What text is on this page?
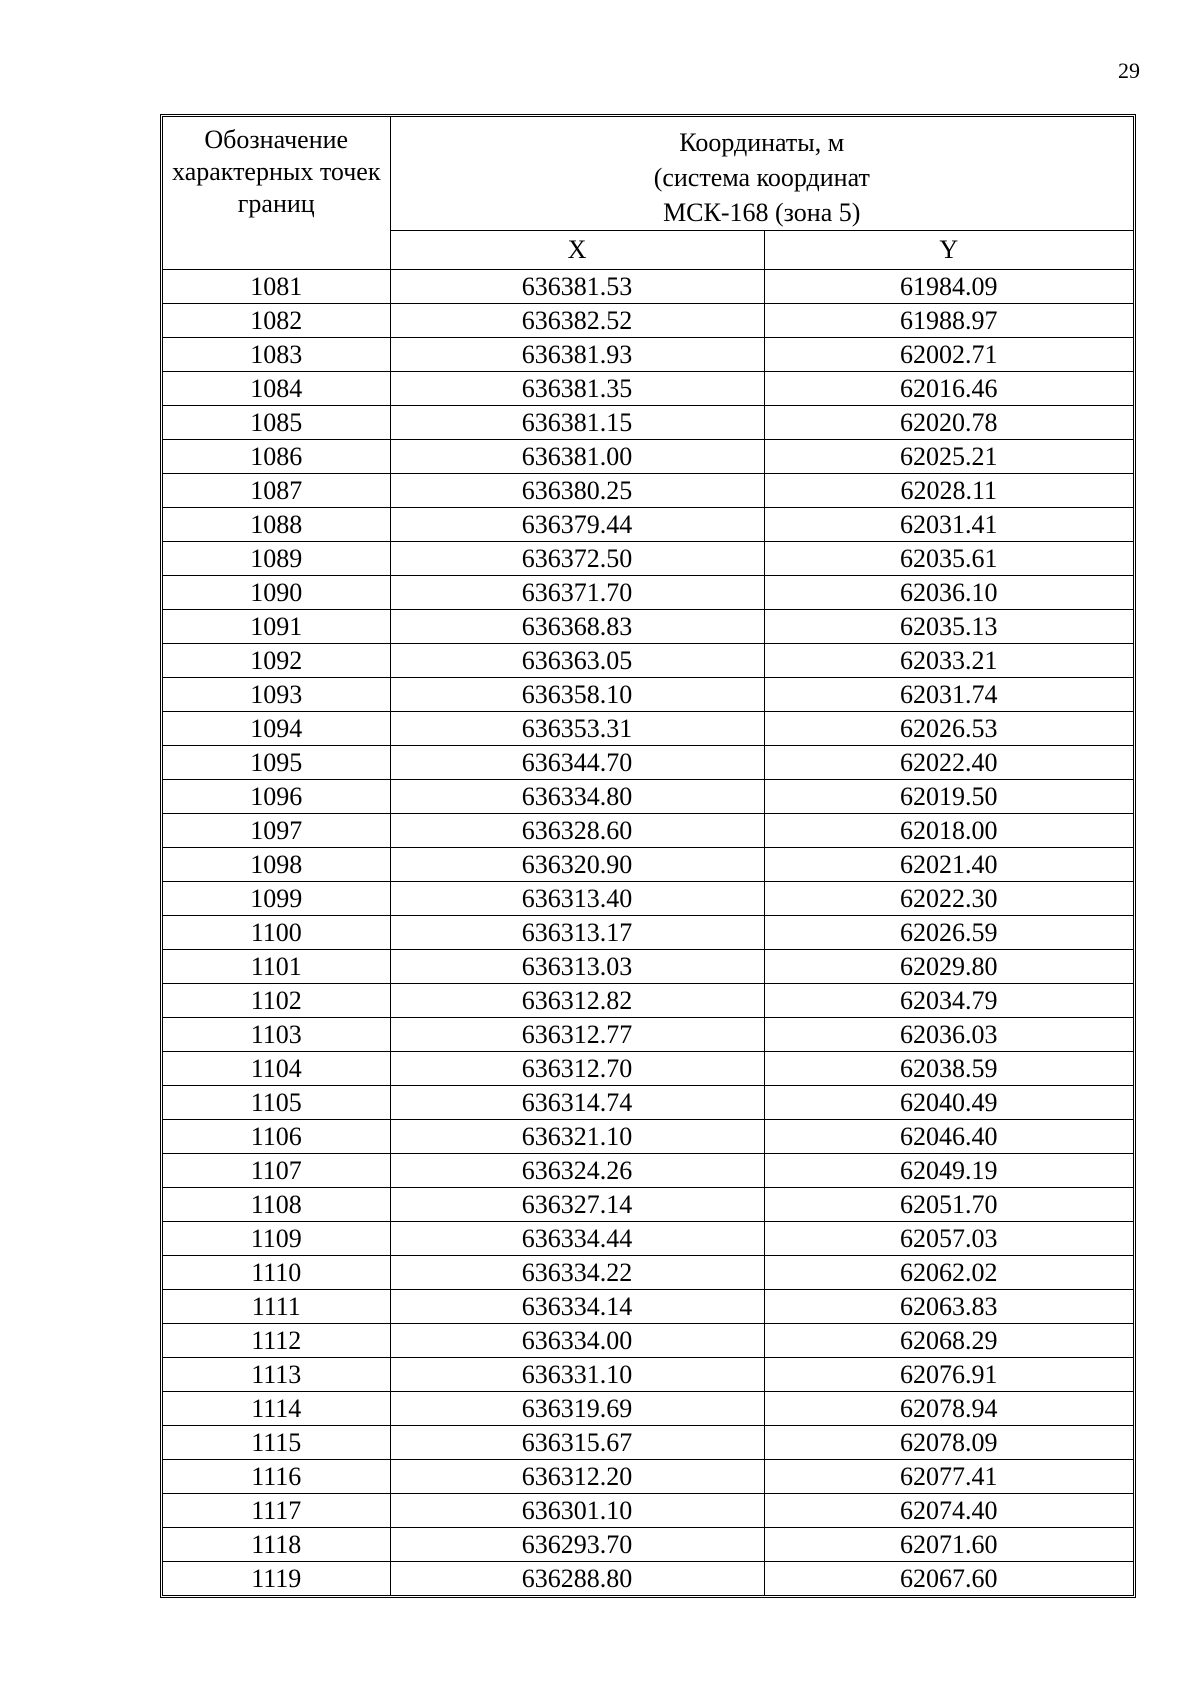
29
Обозначение характерных точек границ	Координаты, м
(система координат
МСК-168 (зона 5)	

	X	Y
1081	636381.53	61984.09
1082	636382.52	61988.97
1083	636381.93	62002.71
1084	636381.35	62016.46
1085	636381.15	62020.78
1086	636381.00	62025.21
1087	636380.25	62028.11
1088	636379.44	62031.41
1089	636372.50	62035.61
1090	636371.70	62036.10
1091	636368.83	62035.13
1092	636363.05	62033.21
1093	636358.10	62031.74
1094	636353.31	62026.53
1095	636344.70	62022.40
1096	636334.80	62019.50
1097	636328.60	62018.00
1098	636320.90	62021.40
1099	636313.40	62022.30
1100	636313.17	62026.59
1101	636313.03	62029.80
1102	636312.82	62034.79
1103	636312.77	62036.03
1104	636312.70	62038.59
1105	636314.74	62040.49
1106	636321.10	62046.40
1107	636324.26	62049.19
1108	636327.14	62051.70
1109	636334.44	62057.03
1110	636334.22	62062.02
1111	636334.14	62063.83
1112	636334.00	62068.29
1113	636331.10	62076.91
1114	636319.69	62078.94
1115	636315.67	62078.09
1116	636312.20	62077.41
1117	636301.10	62074.40
1118	636293.70	62071.60
1119	636288.80	62067.60
